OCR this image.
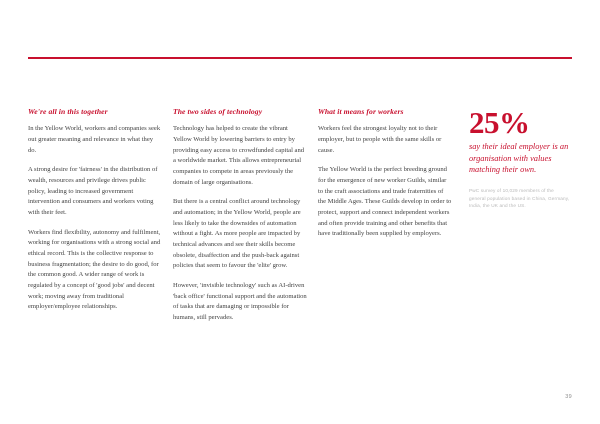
We're all in this together

In the Yellow World, workers and companies seek out greater meaning and relevance in what they do.

A strong desire for 'fairness' in the distribution of wealth, resources and privilege drives public policy, leading to increased government intervention and consumers and workers voting with their feet.

Workers find flexibility, autonomy and fulfilment, working for organisations with a strong social and ethical record. This is the collective response to business fragmentation; the desire to do good, for the common good. A wider range of work is regulated by a concept of 'good jobs' and decent work; moving away from traditional employer/employee relationships.

The two sides of technology

Technology has helped to create the vibrant Yellow World by lowering barriers to entry by providing easy access to crowdfunded capital and a worldwide market. This allows entrepreneurial companies to compete in areas previously the domain of large organisations.

But there is a central conflict around technology and automation; in the Yellow World, people are less likely to take the downsides of automation without a fight. As more people are impacted by technical advances and see their skills become obsolete, disaffection and the push-back against policies that seem to favour the 'elite' grow.

However, 'invisible technology' such as AI-driven 'back office' functional support and the automation of tasks that are damaging or impossible for humans, still pervades.

What it means for workers

Workers feel the strongest loyalty not to their employer, but to people with the same skills or cause.

The Yellow World is the perfect breeding ground for the emergence of new worker Guilds, similar to the craft associations and trade fraternities of the Middle Ages. These Guilds develop in order to protect, support and connect independent workers and often provide training and other benefits that have traditionally been supplied by employers.

25%
say their ideal employer is an organisation with values matching their own.
PwC survey of 10,029 members of the general population based in China, Germany, India, the UK and the US.
39
